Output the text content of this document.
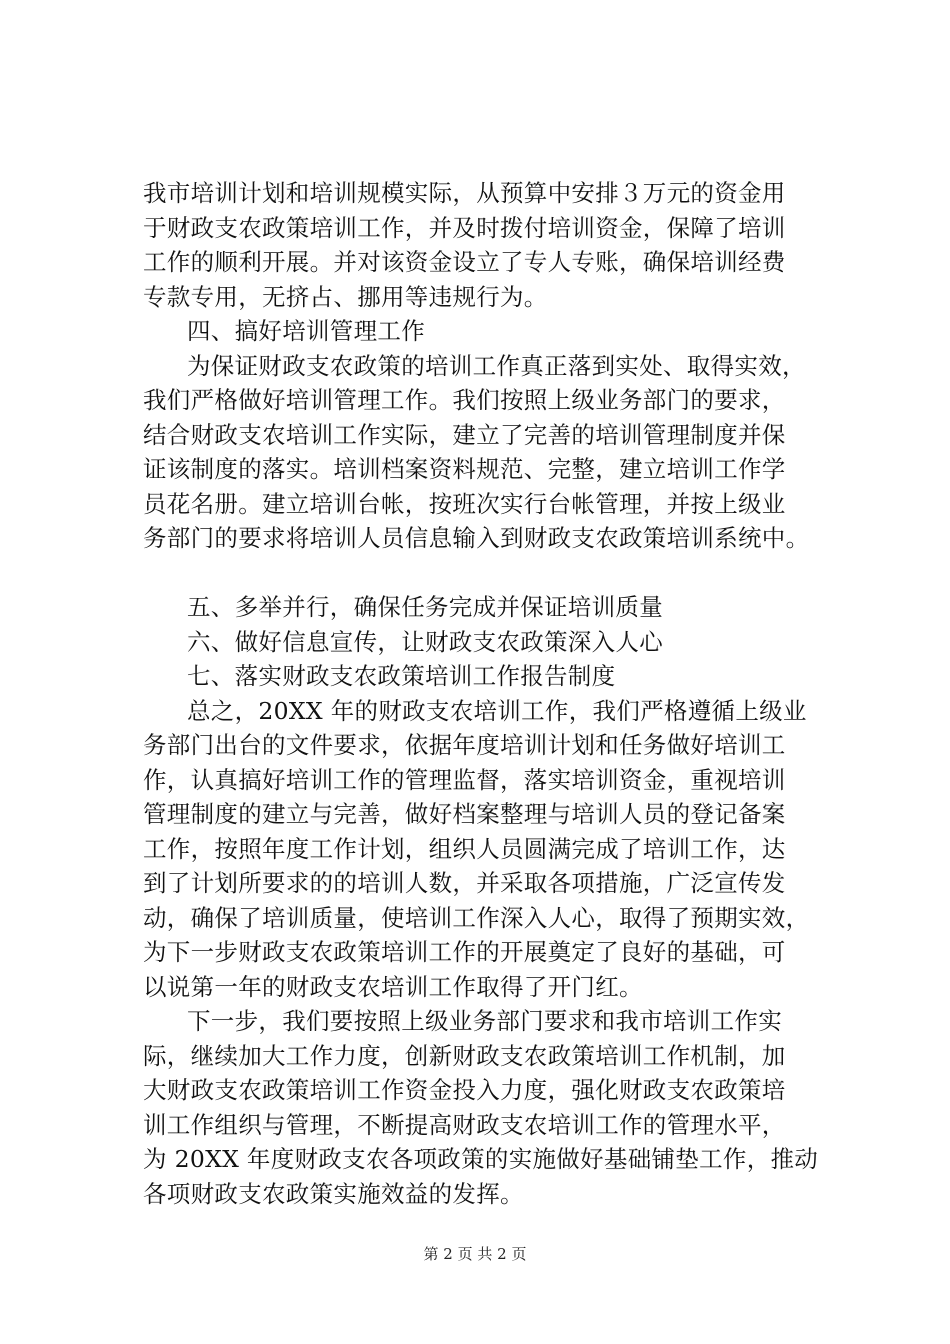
我市培训计划和培训规模实际，从预算中安排３万元的资金用
于财政支农政策培训工作，并及时拨付培训资金，保障了培训
工作的顺利开展。并对该资金设立了专人专账，确保培训经费
专款专用，无挤占、挪用等违规行为。
四、搞好培训管理工作
为保证财政支农政策的培训工作真正落到实处、取得实效，
我们严格做好培训管理工作。我们按照上级业务部门的要求，
结合财政支农培训工作实际，建立了完善的培训管理制度并保
证该制度的落实。培训档案资料规范、完整，建立培训工作学
员花名册。建立培训台帐，按班次实行台帐管理，并按上级业
务部门的要求将培训人员信息输入到财政支农政策培训系统中。
五、多举并行，确保任务完成并保证培训质量
六、做好信息宣传，让财政支农政策深入人心
七、落实财政支农政策培训工作报告制度
总之，20XX 年的财政支农培训工作，我们严格遵循上级业
务部门出台的文件要求，依据年度培训计划和任务做好培训工
作，认真搞好培训工作的管理监督，落实培训资金，重视培训
管理制度的建立与完善，做好档案整理与培训人员的登记备案
工作，按照年度工作计划，组织人员圆满完成了培训工作，达
到了计划所要求的的培训人数，并采取各项措施，广泛宣传发
动，确保了培训质量，使培训工作深入人心，取得了预期实效，
为下一步财政支农政策培训工作的开展奠定了良好的基础，可
以说第一年的财政支农培训工作取得了开门红。
下一步，我们要按照上级业务部门要求和我市培训工作实
际，继续加大工作力度，创新财政支农政策培训工作机制，加
大财政支农政策培训工作资金投入力度，强化财政支农政策培
训工作组织与管理，不断提高财政支农培训工作的管理水平，
为 20XX 年度财政支农各项政策的实施做好基础铺垫工作，推动
各项财政支农政策实施效益的发挥。
第 2 页 共 2 页
